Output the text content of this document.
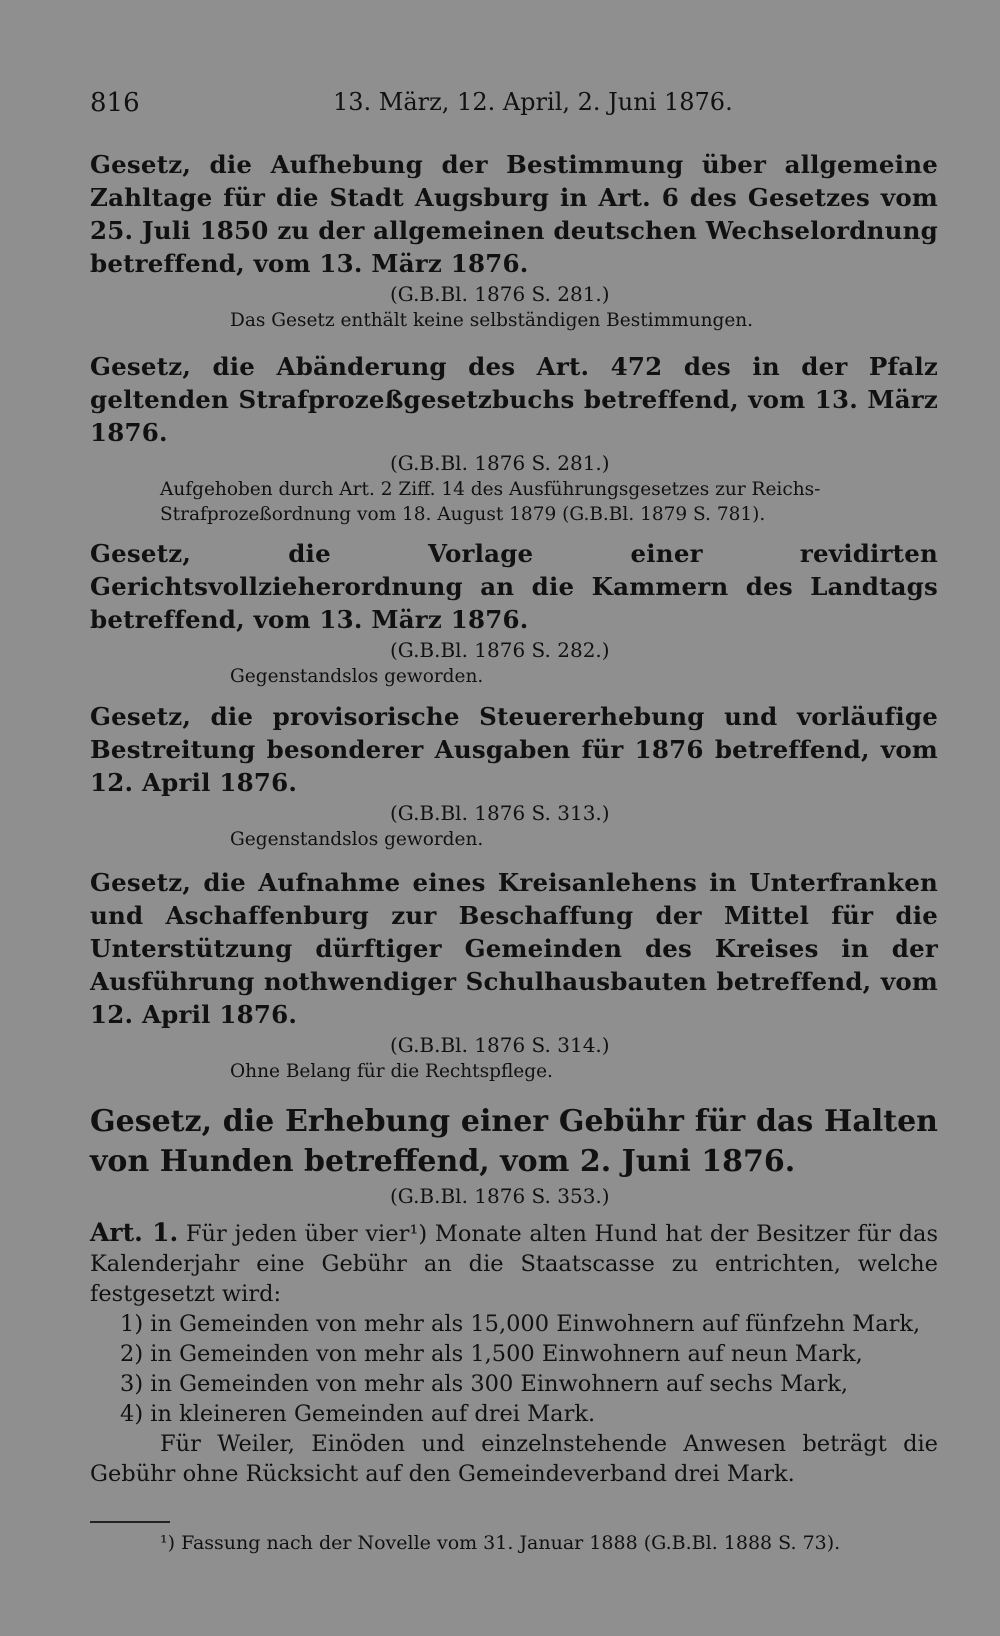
816	13. März, 12. April, 2. Juni 1876.
Gesetz, die Aufhebung der Bestimmung über allgemeine Zahltage für die Stadt Augsburg in Art. 6 des Gesetzes vom 25. Juli 1850 zu der allgemeinen deutschen Wechselordnung betreffend, vom 13. März 1876.
(G.B.Bl. 1876 S. 281.)
Das Gesetz enthält keine selbständigen Bestimmungen.
Gesetz, die Abänderung des Art. 472 des in der Pfalz geltenden Strafprozeßgesetzbuchs betreffend, vom 13. März 1876.
(G.B.Bl. 1876 S. 281.)
Aufgehoben durch Art. 2 Ziff. 14 des Ausführungsgesetzes zur Reichs-Strafprozeßordnung vom 18. August 1879 (G.B.Bl. 1879 S. 781).
Gesetz, die Vorlage einer revidirten Gerichtsvollzieherordnung an die Kammern des Landtags betreffend, vom 13. März 1876.
(G.B.Bl. 1876 S. 282.)
Gegenstandslos geworden.
Gesetz, die provisorische Steuererhebung und vorläufige Bestreitung besonderer Ausgaben für 1876 betreffend, vom 12. April 1876.
(G.B.Bl. 1876 S. 313.)
Gegenstandslos geworden.
Gesetz, die Aufnahme eines Kreisanlehens in Unterfranken und Aschaffenburg zur Beschaffung der Mittel für die Unterstützung dürftiger Gemeinden des Kreises in der Ausführung nothwendiger Schulhausbauten betreffend, vom 12. April 1876.
(G.B.Bl. 1876 S. 314.)
Ohne Belang für die Rechtspflege.
Gesetz, die Erhebung einer Gebühr für das Halten von Hunden betreffend, vom 2. Juni 1876.
(G.B.Bl. 1876 S. 353.)
Art. 1. Für jeden über vier¹) Monate alten Hund hat der Besitzer für das Kalenderjahr eine Gebühr an die Staatscasse zu entrichten, welche festgesetzt wird:
1) in Gemeinden von mehr als 15,000 Einwohnern auf fünfzehn Mark,
2) in Gemeinden von mehr als 1,500 Einwohnern auf neun Mark,
3) in Gemeinden von mehr als 300 Einwohnern auf sechs Mark,
4) in kleineren Gemeinden auf drei Mark.
Für Weiler, Einöden und einzelnstehende Anwesen beträgt die Gebühr ohne Rücksicht auf den Gemeindeverband drei Mark.
¹) Fassung nach der Novelle vom 31. Januar 1888 (G.B.Bl. 1888 S. 73).
